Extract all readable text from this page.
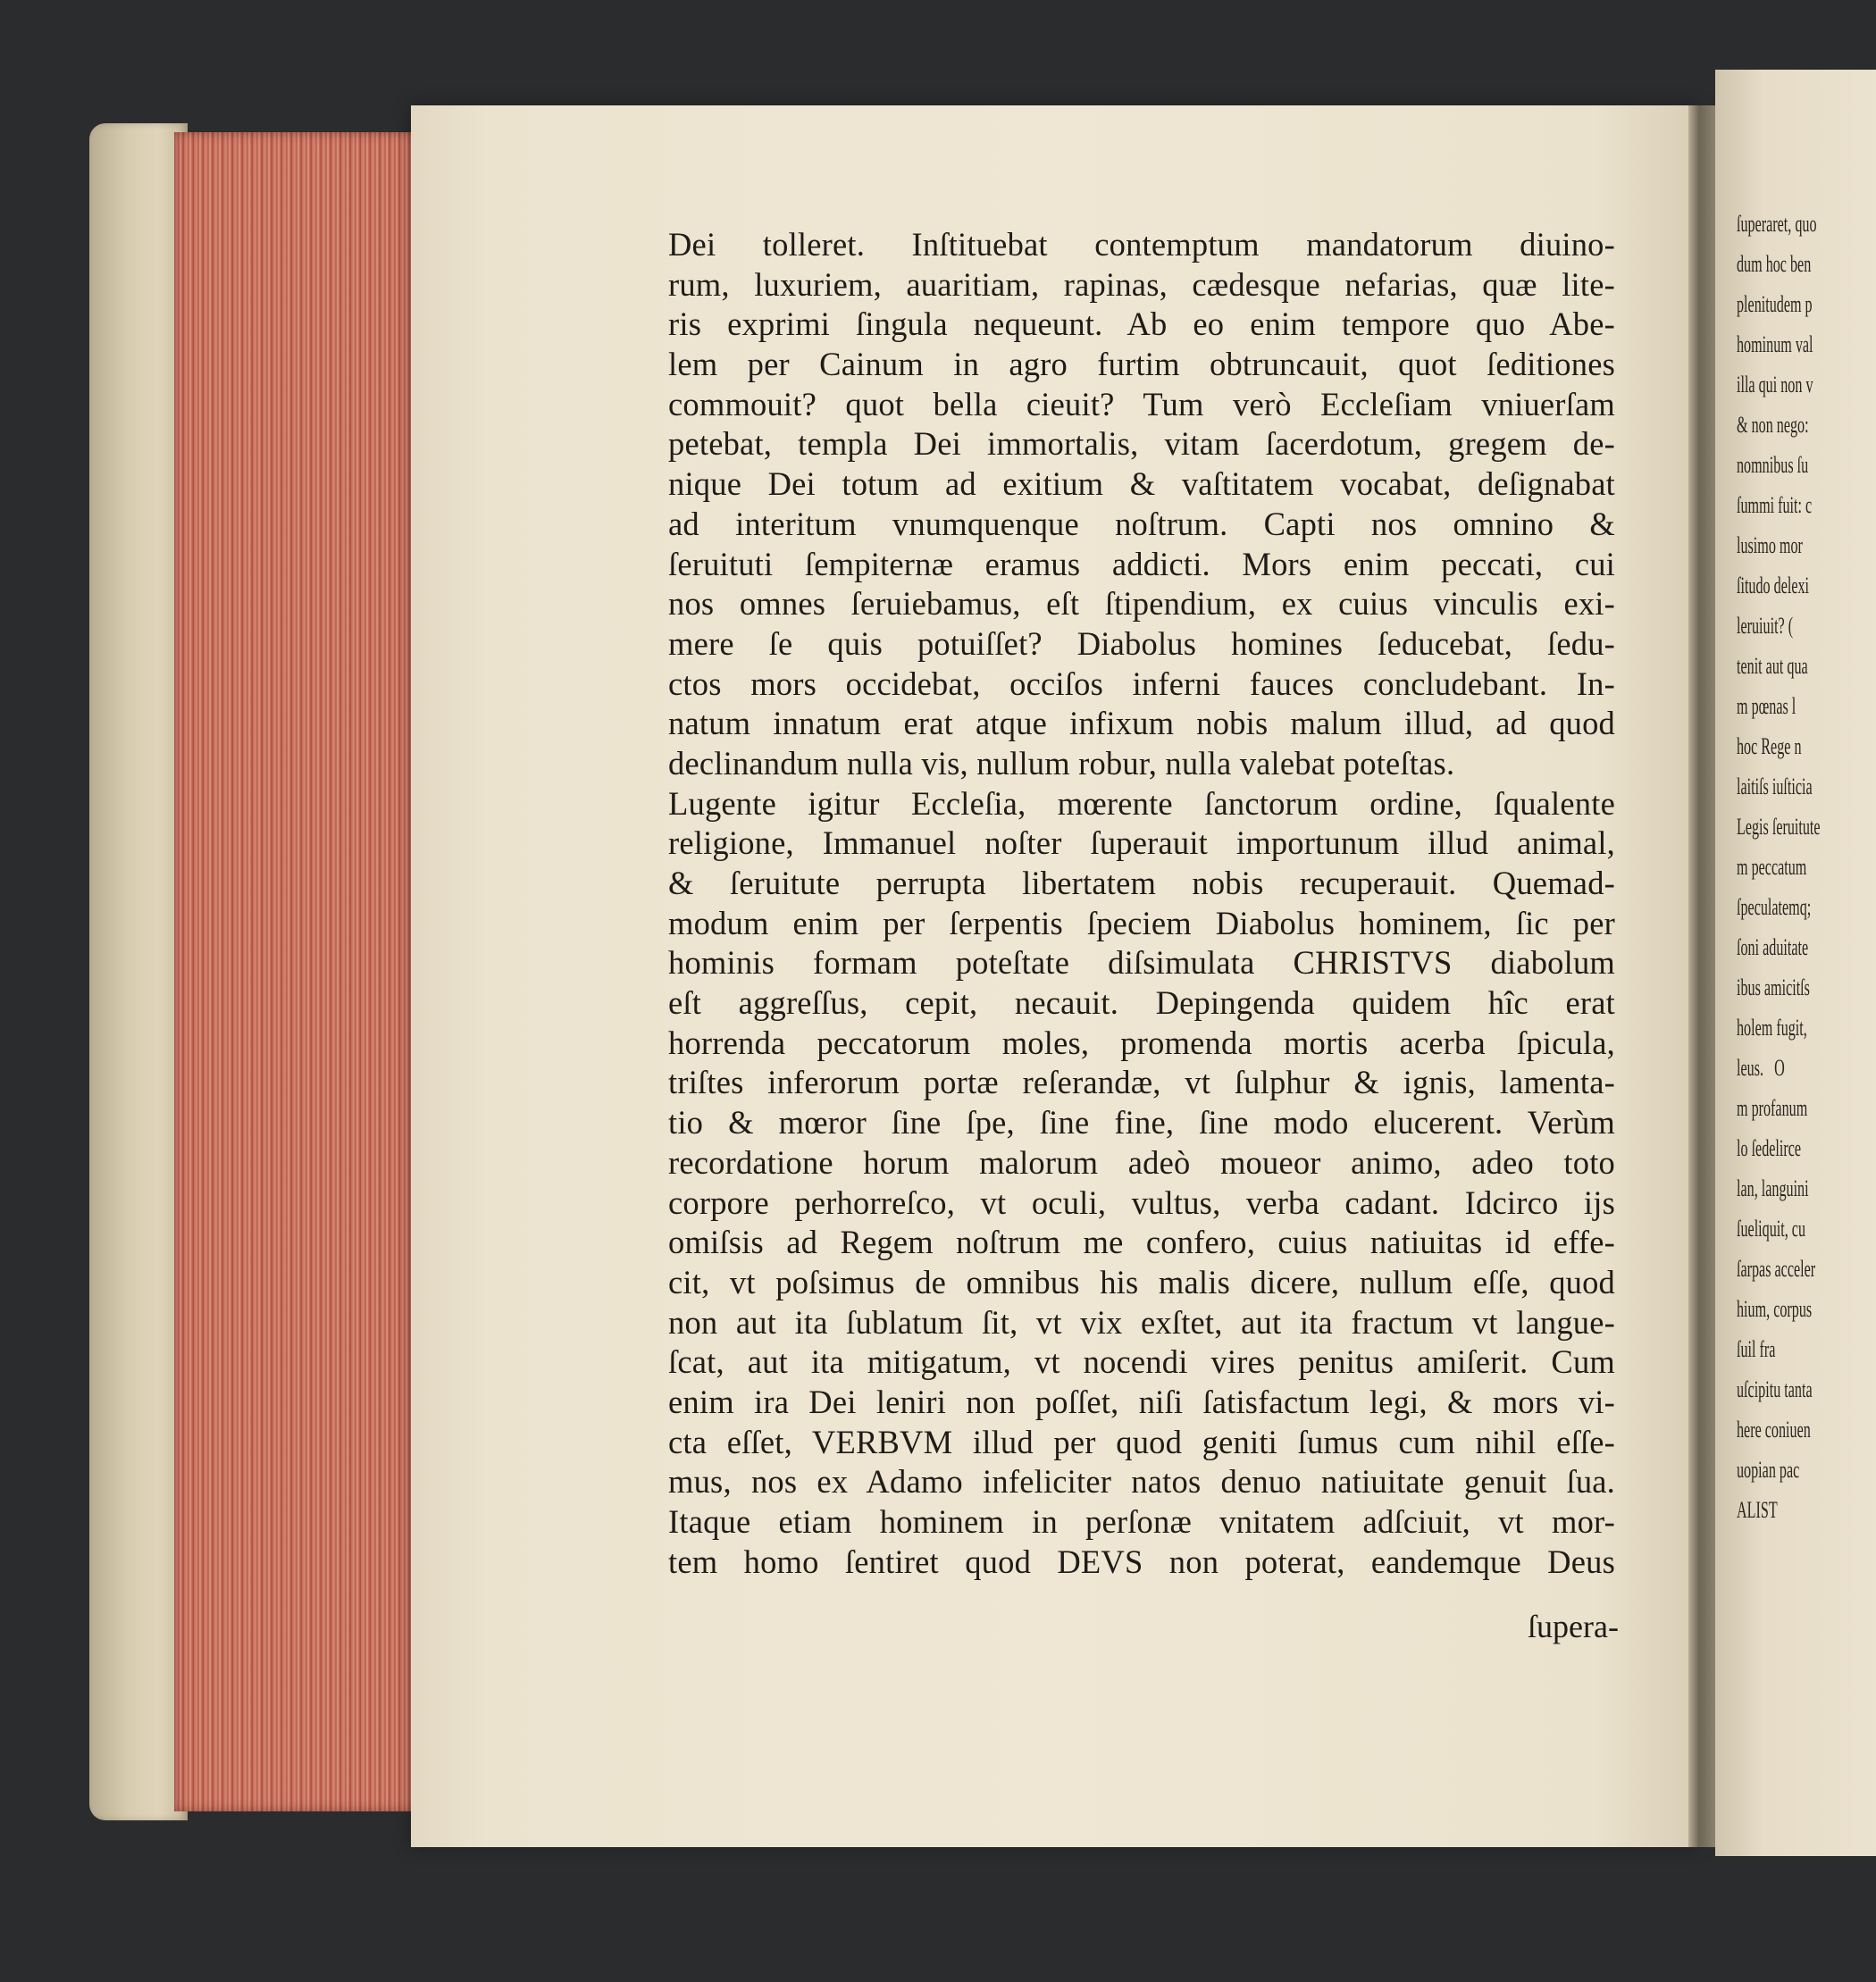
ſuperaret, quo
dum hoc ben
plenitudem p
hominum val
illa qui non v
& non nego:
nomnibus ſu
ſummi fuit: c
lusimo mor
ſitudo delexi
leruiuit? (
tenit aut qua
m pœnas l
hoc Rege n
laitiſs iuſticia
Legis ſeruitute
m peccatum
ſpeculatemq;
ſoni aduitate
ibus amicitſs
holem fugit,
leus.   O
m profanum
lo ſedelirce
lan, languini
ſueliquit, cu
ſarpas acceler
hium, corpus
ſuil fra
uſcipitu tanta
here coniuen
uopian pac
ALIST
Dei tolleret. Inſtituebat contemptum mandatorum diuino-
rum, luxuriem, auaritiam, rapinas, cædesque nefarias, quæ lite-
ris exprimi ſingula nequeunt. Ab eo enim tempore quo Abe-
lem per Cainum in agro furtim obtruncauit, quot ſeditiones
commouit? quot bella cieuit? Tum verò Eccleſiam vniuerſam
petebat, templa Dei immortalis, vitam ſacerdotum, gregem de-
nique Dei totum ad exitium & vaſtitatem vocabat, deſignabat
ad interitum vnumquenque noſtrum. Capti nos omnino &
ſeruituti ſempiternæ eramus addicti. Mors enim peccati, cui
nos omnes ſeruiebamus, eſt ſtipendium, ex cuius vinculis exi-
mere ſe quis potuiſſet? Diabolus homines ſeducebat, ſedu-
ctos mors occidebat, occiſos inferni fauces concludebant. In-
natum innatum erat atque infixum nobis malum illud, ad quod
declinandum nulla vis, nullum robur, nulla valebat poteſtas.
Lugente igitur Eccleſia, mœrente ſanctorum ordine, ſqualente
religione, Immanuel noſter ſuperauit importunum illud animal,
& ſeruitute perrupta libertatem nobis recuperauit. Quemad-
modum enim per ſerpentis ſpeciem Diabolus hominem, ſic per
hominis formam poteſtate diſsimulata CHRISTVS diabolum
eſt aggreſſus, cepit, necauit. Depingenda quidem hîc erat
horrenda peccatorum moles, promenda mortis acerba ſpicula,
triſtes inferorum portæ reſerandæ, vt ſulphur & ignis, lamenta-
tio & mœror ſine ſpe, ſine fine, ſine modo elucerent. Verùm
recordatione horum malorum adeò moueor animo, adeo toto
corpore perhorreſco, vt oculi, vultus, verba cadant. Idcirco ijs
omiſsis ad Regem noſtrum me confero, cuius natiuitas id effe-
cit, vt poſsimus de omnibus his malis dicere, nullum eſſe, quod
non aut ita ſublatum ſit, vt vix exſtet, aut ita fractum vt langue-
ſcat, aut ita mitigatum, vt nocendi vires penitus amiſerit. Cum
enim ira Dei leniri non poſſet, niſi ſatisfactum legi, & mors vi-
cta eſſet, VERBVM illud per quod geniti ſumus cum nihil eſſe-
mus, nos ex Adamo infeliciter natos denuo natiuitate genuit ſua.
Itaque etiam hominem in perſonæ vnitatem adſciuit, vt mor-
tem homo ſentiret quod DEVS non poterat, eandemque Deus
ſupera-
